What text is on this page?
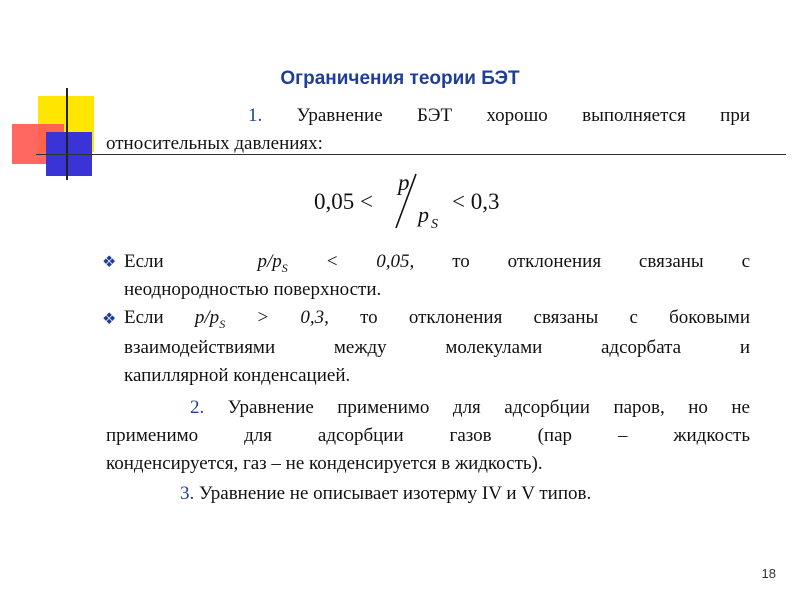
Ограничения теории БЭТ
1. Уравнение БЭТ хорошо выполняется при
относительных давлениях:
0,05 <
p
p S
< 0,3
❖ Если	$p/p_S < 0,05$, то отклонения связаны с
неоднородностью поверхности.
❖ Если $p/p_S > 0,3$, то отклонения связаны с боковыми
взаимодействиями между молекулами адсорбата и
капиллярной конденсацией.
2. Уравнение применимо для адсорбции паров, но не
применимо для адсорбции газов (пар – жидкость
конденсируется, газ – не конденсируется в жидкость).
3. Уравнение не описывает изотерму IV и V типов.
18
